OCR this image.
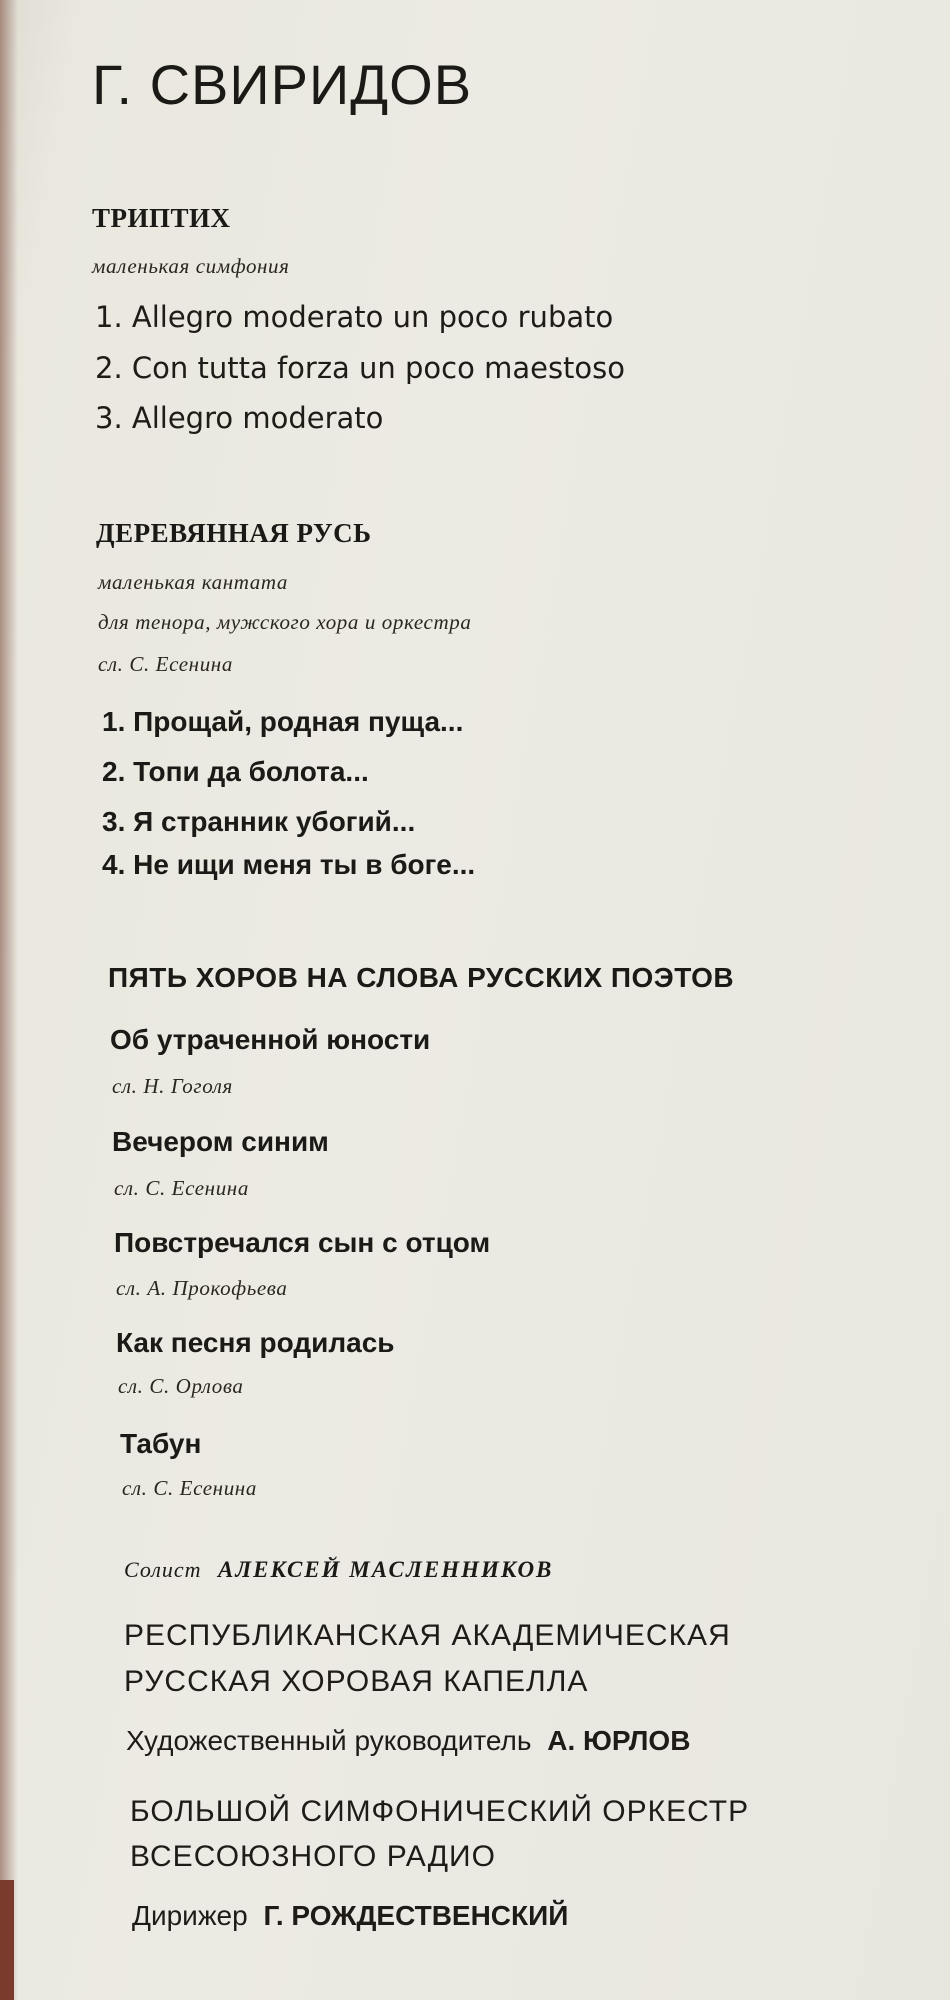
Г. СВИРИДОВ
ТРИПТИХ
маленькая симфония
1. Allegro moderato un poco rubato
2. Con tutta forza un poco maestoso
3. Allegro moderato
ДЕРЕВЯННАЯ РУСЬ
маленькая кантата
для тенора, мужского хора и оркестра
сл. С. Есенина
1. Прощай, родная пуща...
2. Топи да болота...
3. Я странник убогий...
4. Не ищи меня ты в боге...
ПЯТЬ ХОРОВ НА СЛОВА РУССКИХ ПОЭТОВ
Об утраченной юности
сл. Н. Гоголя
Вечером синим
сл. С. Есенина
Повстречался сын с отцом
сл. А. Прокофьева
Как песня родилась
сл. С. Орлова
Табун
сл. С. Есенина
Солист АЛЕКСЕЙ МАСЛЕННИКОВ
РЕСПУБЛИКАНСКАЯ АКАДЕМИЧЕСКАЯ
РУССКАЯ ХОРОВАЯ КАПЕЛЛА
Художественный руководитель А. ЮРЛОВ
БОЛЬШОЙ СИМФОНИЧЕСКИЙ ОРКЕСТР
ВСЕСОЮЗНОГО РАДИО
Дирижер Г. РОЖДЕСТВЕНСКИЙ
